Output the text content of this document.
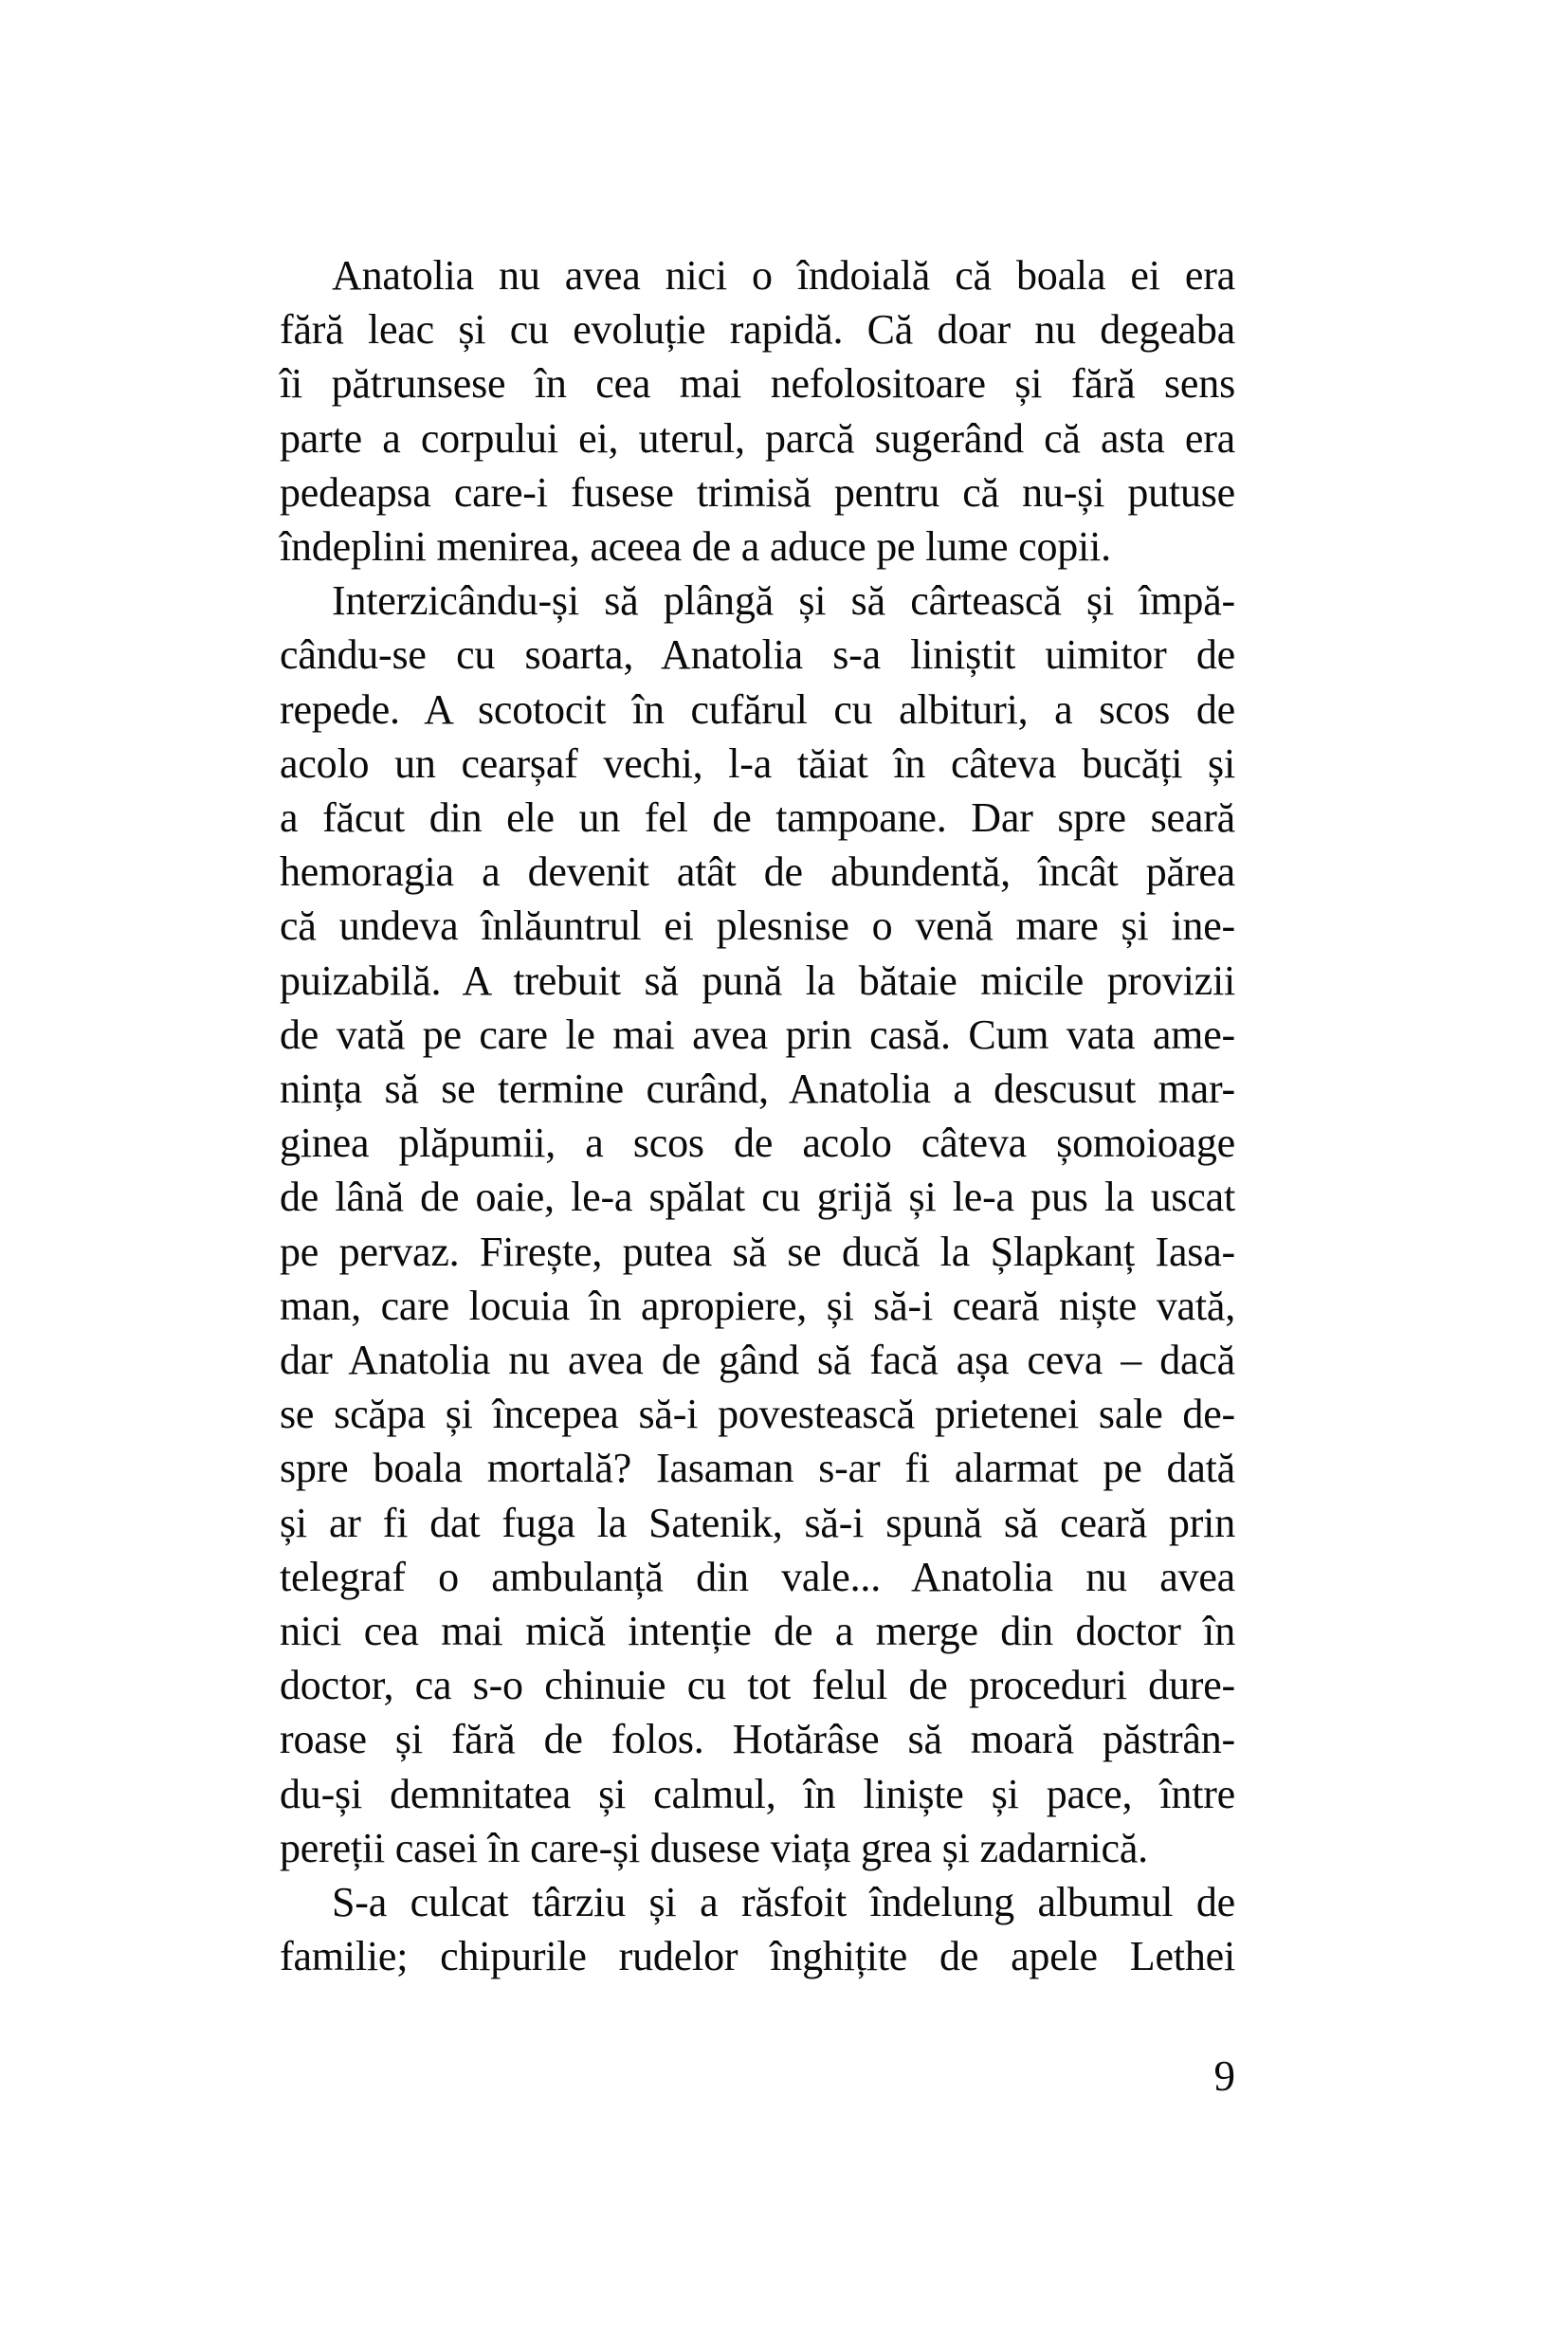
Anatolia nu avea nici o îndoială că boala ei era
fără leac și cu evoluție rapidă. Că doar nu degeaba
îi pătrunsese în cea mai nefolositoare și fără sens
parte a corpului ei, uterul, parcă sugerând că asta era
pedeapsa care-i fusese trimisă pentru că nu-și putuse
îndeplini menirea, aceea de a aduce pe lume copii.
Interzicându-și să plângă și să cârtească și împă-
cându-se cu soarta, Anatolia s-a liniștit uimitor de
repede. A scotocit în cufărul cu albituri, a scos de
acolo un cearșaf vechi, l-a tăiat în câteva bucăți și
a făcut din ele un fel de tampoane. Dar spre seară
hemoragia a devenit atât de abundentă, încât părea
că undeva înlăuntrul ei plesnise o venă mare și ine-
puizabilă. A trebuit să pună la bătaie micile provizii
de vată pe care le mai avea prin casă. Cum vata ame-
nința să se termine curând, Anatolia a descusut mar-
ginea plăpumii, a scos de acolo câteva șomoioage
de lână de oaie, le-a spălat cu grijă și le-a pus la uscat
pe pervaz. Firește, putea să se ducă la Șlapkanț Iasa-
man, care locuia în apropiere, și să-i ceară niște vată,
dar Anatolia nu avea de gând să facă așa ceva – dacă
se scăpa și începea să-i povestească prietenei sale de-
spre boala mortală? Iasaman s-ar fi alarmat pe dată
și ar fi dat fuga la Satenik, să-i spună să ceară prin
telegraf o ambulanță din vale... Anatolia nu avea
nici cea mai mică intenție de a merge din doctor în
doctor, ca s-o chinuie cu tot felul de proceduri dure-
roase și fără de folos. Hotărâse să moară păstrân-
du-și demnitatea și calmul, în liniște și pace, între
pereții casei în care-și dusese viața grea și zadarnică.
S-a culcat târziu și a răsfoit îndelung albumul de
familie; chipurile rudelor înghițite de apele Lethei
9
